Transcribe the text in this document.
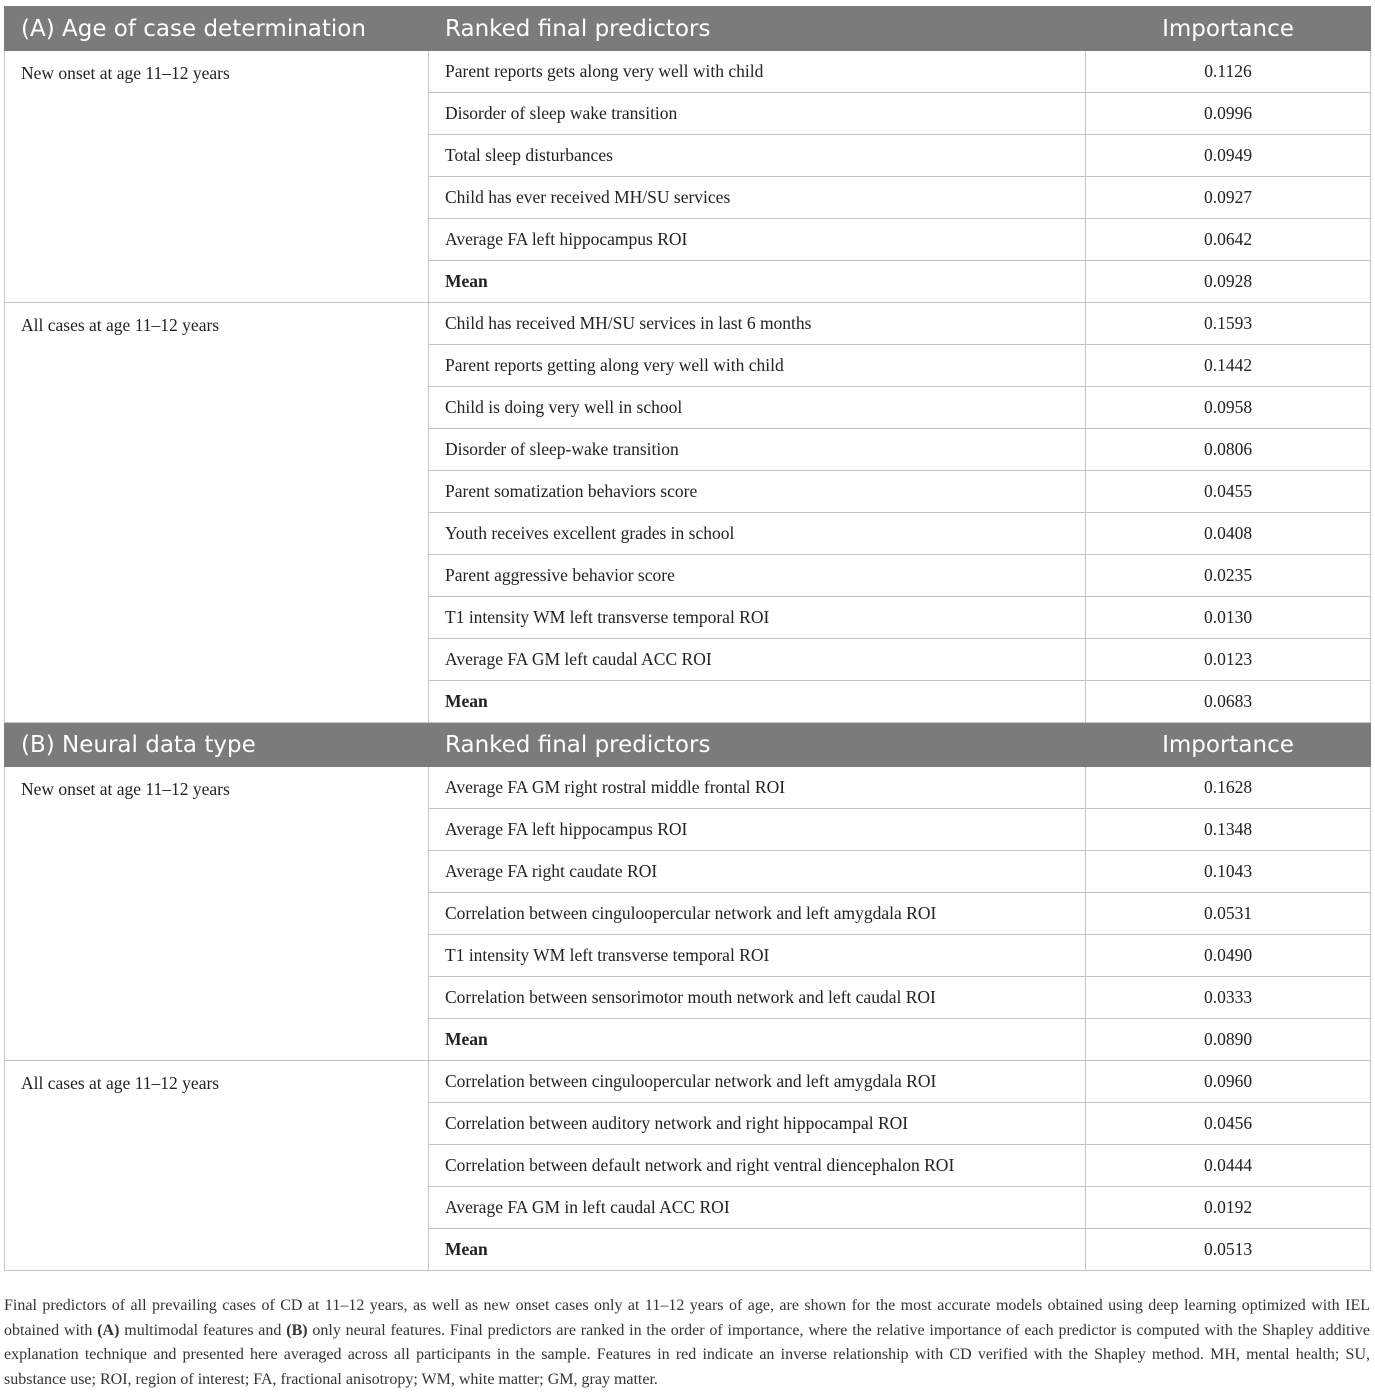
(A) Age of case determination	Ranked final predictors	Importance
New onset at age 11–12 years	Parent reports gets along very well with child	0.1126
	Disorder of sleep wake transition	0.0996
	Total sleep disturbances	0.0949
	Child has ever received MH/SU services	0.0927
	Average FA left hippocampus ROI	0.0642
	Mean	0.0928
All cases at age 11–12 years	Child has received MH/SU services in last 6 months	0.1593
	Parent reports getting along very well with child	0.1442
	Child is doing very well in school	0.0958
	Disorder of sleep-wake transition	0.0806
	Parent somatization behaviors score	0.0455
	Youth receives excellent grades in school	0.0408
	Parent aggressive behavior score	0.0235
	T1 intensity WM left transverse temporal ROI	0.0130
	Average FA GM left caudal ACC ROI	0.0123
	Mean	0.0683
(B) Neural data type	Ranked final predictors	Importance
New onset at age 11–12 years	Average FA GM right rostral middle frontal ROI	0.1628
	Average FA left hippocampus ROI	0.1348
	Average FA right caudate ROI	0.1043
	Correlation between cinguloopercular network and left amygdala ROI	0.0531
	T1 intensity WM left transverse temporal ROI	0.0490
	Correlation between sensorimotor mouth network and left caudal ROI	0.0333
	Mean	0.0890
All cases at age 11–12 years	Correlation between cinguloopercular network and left amygdala ROI	0.0960
	Correlation between auditory network and right hippocampal ROI	0.0456
	Correlation between default network and right ventral diencephalon ROI	0.0444
	Average FA GM in left caudal ACC ROI	0.0192
	Mean	0.0513

Final predictors of all prevailing cases of CD at 11–12 years, as well as new onset cases only at 11–12 years of age, are shown for the most accurate models obtained using deep learning optimized with IEL obtained with (A) multimodal features and (B) only neural features. Final predictors are ranked in the order of importance, where the relative importance of each predictor is computed with the Shapley additive explanation technique and presented here averaged across all participants in the sample. Features in red indicate an inverse relationship with CD verified with the Shapley method. MH, mental health; SU, substance use; ROI, region of interest; FA, fractional anisotropy; WM, white matter; GM, gray matter.
